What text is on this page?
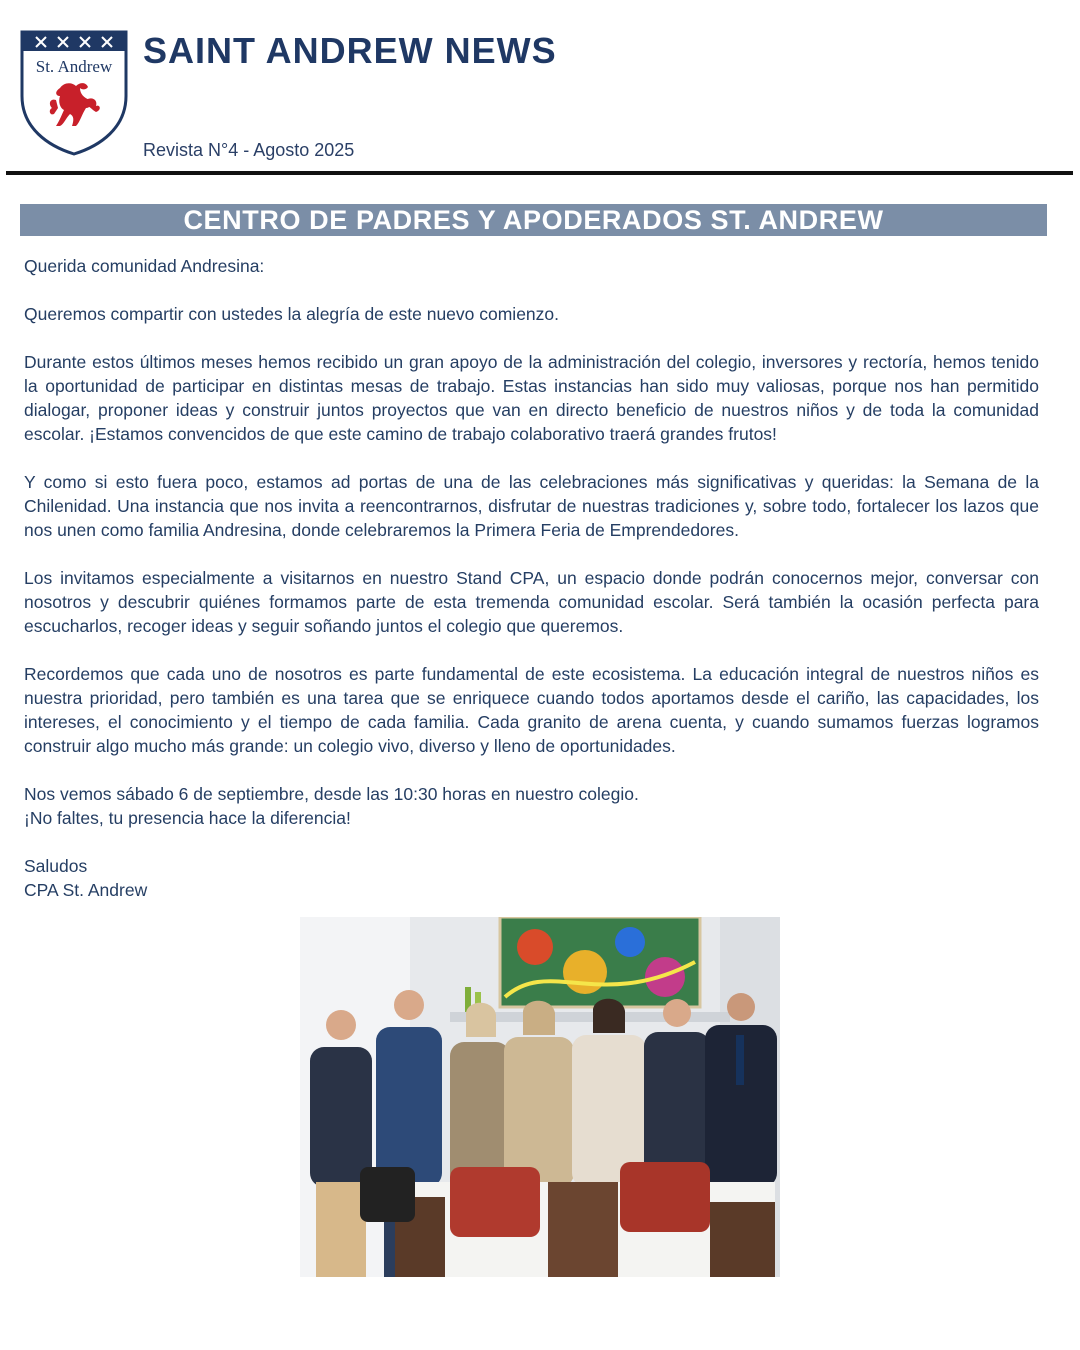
St. Andrew SAINT ANDREW NEWS
Revista N°4 - Agosto 2025
CENTRO DE PADRES Y APODERADOS ST. ANDREW

Querida comunidad Andresina:

Queremos compartir con ustedes la alegría de este nuevo comienzo.

Durante estos últimos meses hemos recibido un gran apoyo de la administración del colegio, inversores y rectoría, hemos tenido la oportunidad de participar en distintas mesas de trabajo. Estas instancias han sido muy valiosas, porque nos han permitido dialogar, proponer ideas y construir juntos proyectos que van en directo beneficio de nuestros niños y de toda la comunidad escolar. ¡Estamos convencidos de que este camino de trabajo colaborativo traerá grandes frutos!

Y como si esto fuera poco, estamos ad portas de una de las celebraciones más significativas y queridas: la Semana de la Chilenidad. Una instancia que nos invita a reencontrarnos, disfrutar de nuestras tradiciones y, sobre todo, fortalecer los lazos que nos unen como familia Andresina, donde celebraremos la Primera Feria de Emprendedores.

Los invitamos especialmente a visitarnos en nuestro Stand CPA, un espacio donde podrán conocernos mejor, conversar con nosotros y descubrir quiénes formamos parte de esta tremenda comunidad escolar. Será también la ocasión perfecta para escucharlos, recoger ideas y seguir soñando juntos el colegio que queremos.

Recordemos que cada uno de nosotros es parte fundamental de este ecosistema. La educación integral de nuestros niños es nuestra prioridad, pero también es una tarea que se enriquece cuando todos aportamos desde el cariño, las capacidades, los intereses, el conocimiento y el tiempo de cada familia. Cada granito de arena cuenta, y cuando sumamos fuerzas logramos construir algo mucho más grande: un colegio vivo, diverso y lleno de oportunidades.

Nos vemos sábado 6 de septiembre, desde las 10:30 horas en nuestro colegio.
¡No faltes, tu presencia hace la diferencia!

Saludos
CPA St. Andrew
